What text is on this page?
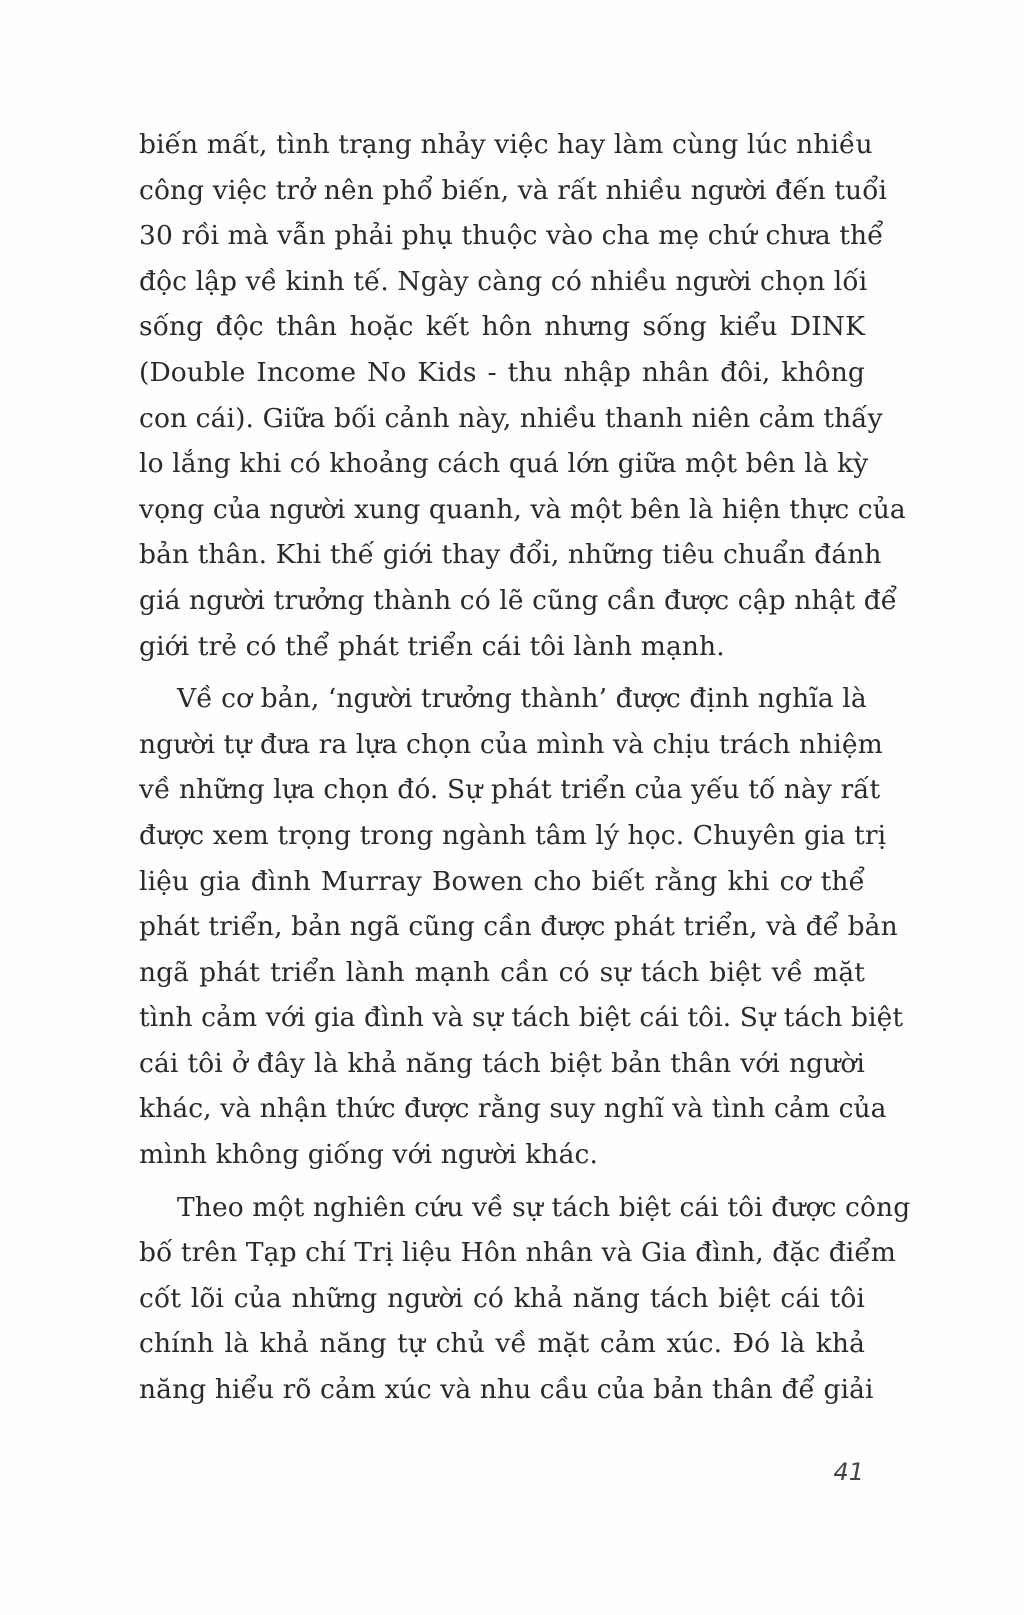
biến mất, tình trạng nhảy việc hay làm cùng lúc nhiều
công việc trở nên phổ biến, và rất nhiều người đến tuổi
30 rồi mà vẫn phải phụ thuộc vào cha mẹ chứ chưa thể
độc lập về kinh tế. Ngày càng có nhiều người chọn lối
sống độc thân hoặc kết hôn nhưng sống kiểu DINK
(Double Income No Kids - thu nhập nhân đôi, không
con cái). Giữa bối cảnh này, nhiều thanh niên cảm thấy
lo lắng khi có khoảng cách quá lớn giữa một bên là kỳ
vọng của người xung quanh, và một bên là hiện thực của
bản thân. Khi thế giới thay đổi, những tiêu chuẩn đánh
giá người trưởng thành có lẽ cũng cần được cập nhật để
giới trẻ có thể phát triển cái tôi lành mạnh.
Về cơ bản, ‘người trưởng thành’ được định nghĩa là
người tự đưa ra lựa chọn của mình và chịu trách nhiệm
về những lựa chọn đó. Sự phát triển của yếu tố này rất
được xem trọng trong ngành tâm lý học. Chuyên gia trị
liệu gia đình Murray Bowen cho biết rằng khi cơ thể
phát triển, bản ngã cũng cần được phát triển, và để bản
ngã phát triển lành mạnh cần có sự tách biệt về mặt
tình cảm với gia đình và sự tách biệt cái tôi. Sự tách biệt
cái tôi ở đây là khả năng tách biệt bản thân với người
khác, và nhận thức được rằng suy nghĩ và tình cảm của
mình không giống với người khác.
Theo một nghiên cứu về sự tách biệt cái tôi được công
bố trên Tạp chí Trị liệu Hôn nhân và Gia đình, đặc điểm
cốt lõi của những người có khả năng tách biệt cái tôi
chính là khả năng tự chủ về mặt cảm xúc. Đó là khả
năng hiểu rõ cảm xúc và nhu cầu của bản thân để giải
41
